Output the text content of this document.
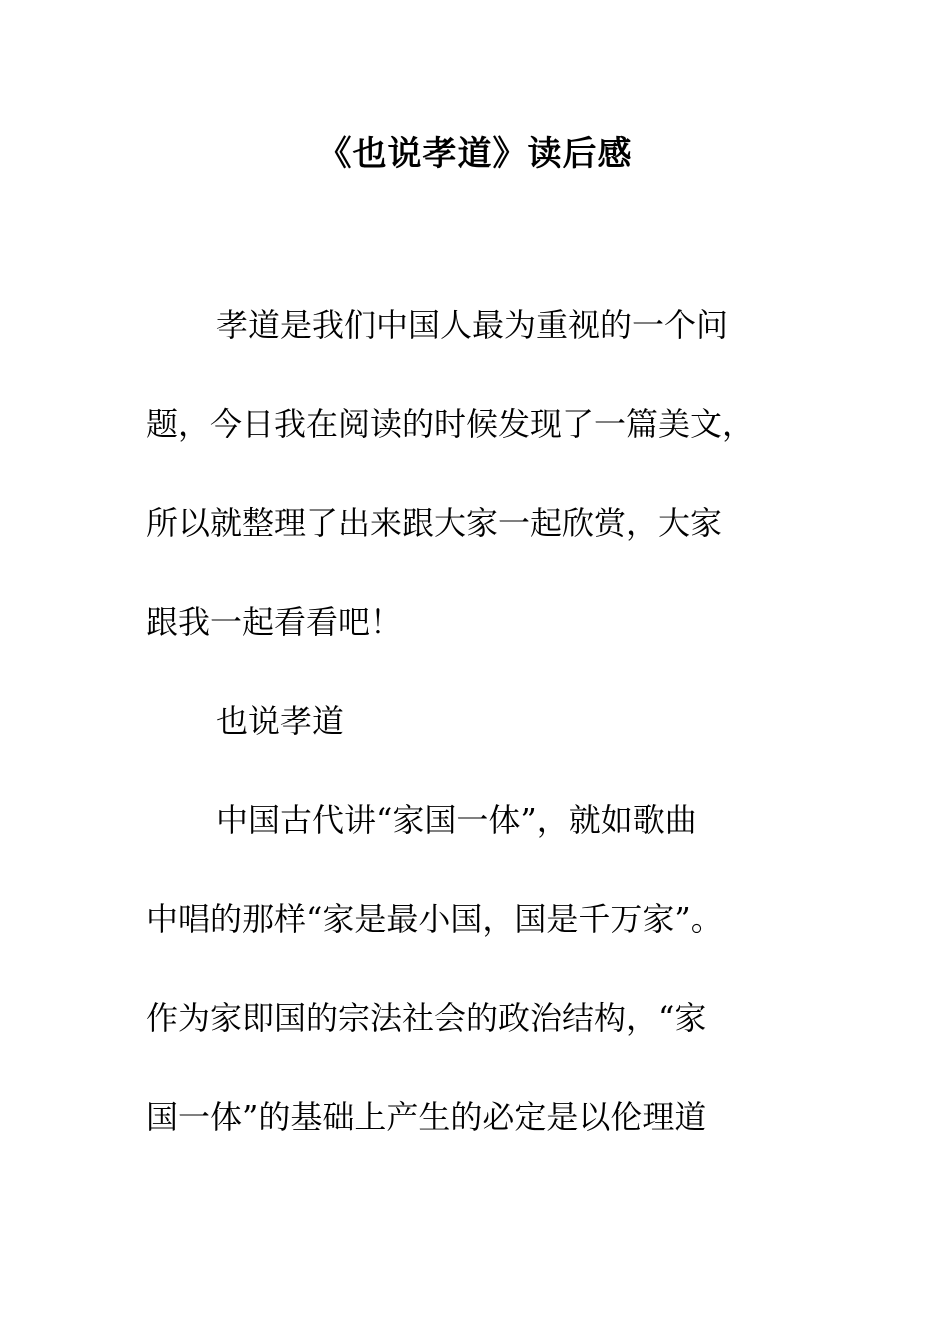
《也说孝道》读后感
孝道是我们中国人最为重视的一个问
题，今日我在阅读的时候发现了一篇美文，
所以就整理了出来跟大家一起欣赏，大家
跟我一起看看吧！
也说孝道
中国古代讲“家国一体”，就如歌曲
中唱的那样“家是最小国，国是千万家”。
作为家即国的宗法社会的政治结构，“家
国一体”的基础上产生的必定是以伦理道
